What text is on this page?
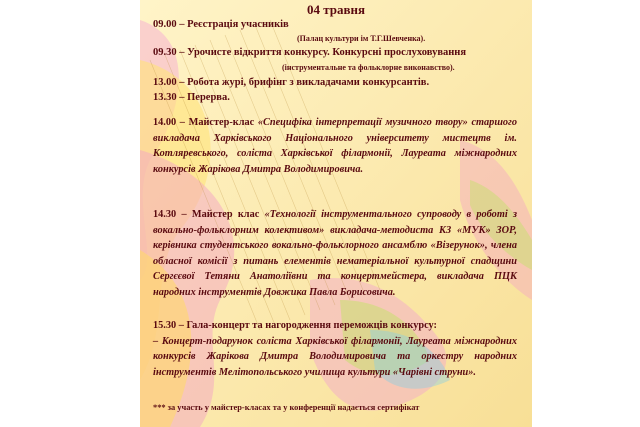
04 травня
09.00 – Реєстрація учасників
(Палац культури ім Т.Г.Шевченка).
09.30 – Урочисте відкриття конкурсу. Конкурсні прослуховування
(інструментальне та фольклорне виконавство).
13.00 – Робота журі, брифінг з викладачами конкурсантів.
13.30 – Перерва.
14.00 – Майстер-клас «Специфіка інтерпретації музичного твору» старшого викладача Харківського Національного університету мистецтв ім. Котляревського, соліста Харківської філармонії, Лауреата міжнародних конкурсів Жарікова Дмитра Володимировича.
14.30 – Майстер клас «Технології інструментального супроводу в роботі з вокально-фольклорним колективом» викладача-методиста КЗ «МУК» ЗОР, керівника студентського вокально-фольклорного ансамблю «Візерунок», члена обласної комісії з питань елементів нематеріальної культурної спадщини Сергєєвої Тетяни Анатоліївни та концертмейстера, викладача ПЦК народних інструментів Довжика Павла Борисовича.
15.30 – Гала-концерт та нагородження переможців конкурсу:
– Концерт-подарунок соліста Харківської філармонії, Лауреата міжнародних конкурсів Жарікова Дмитра Володимировича та оркестру народних інструментів Мелітопольського училища культури «Чарівні струни».
*** за участь у майстер-класах та у конференції надається сертифікат
